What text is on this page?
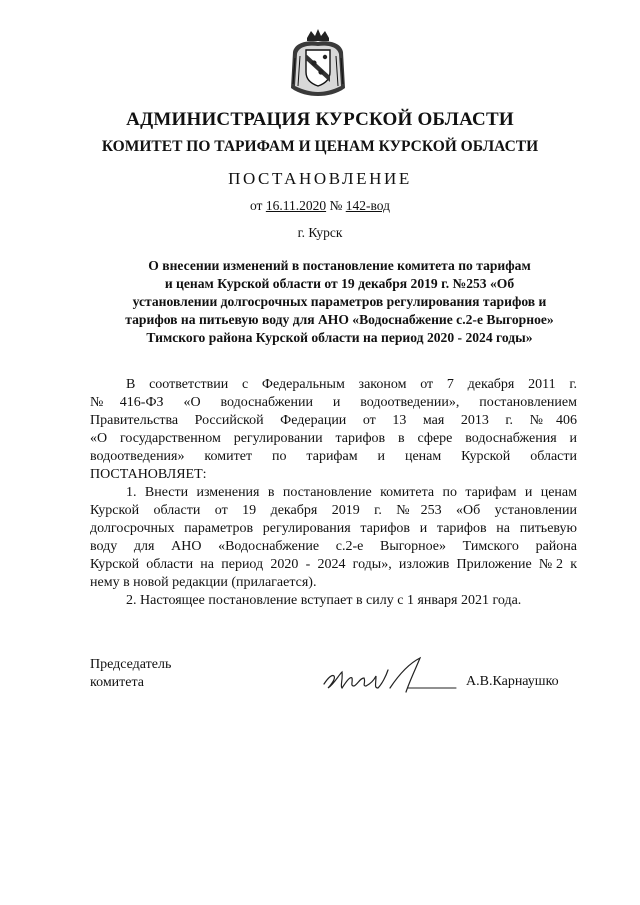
АДМИНИСТРАЦИЯ КУРСКОЙ ОБЛАСТИ
КОМИТЕТ ПО ТАРИФАМ И ЦЕНАМ КУРСКОЙ ОБЛАСТИ
ПОСТАНОВЛЕНИЕ
от 16.11.2020 № 142-вод
г. Курск
О внесении изменений в постановление комитета по тарифам
и ценам Курской области от 19 декабря 2019 г. №253 «Об
установлении долгосрочных параметров регулирования тарифов и
тарифов на питьевую воду для АНО «Водоснабжение с.2-е Выгорное»
Тимского района Курской области на период 2020 - 2024 годы»
В соответствии с Федеральным законом от 7 декабря 2011 г.
№416-ФЗ «О водоснабжении и водоотведении», постановлением
Правительства Российской Федерации от 13 мая 2013 г. №406
«О государственном регулировании тарифов в сфере водоснабжения и
водоотведения» комитет по тарифам и ценам Курской области
ПОСТАНОВЛЯЕТ:
1. Внести изменения в постановление комитета по тарифам и ценам
Курской области от 19 декабря 2019 г. №253 «Об установлении
долгосрочных параметров регулирования тарифов и тарифов на питьевую
воду для АНО «Водоснабжение с.2-е Выгорное» Тимского района
Курской области на период 2020 - 2024 годы», изложив Приложение №2 к
нему в новой редакции (прилагается).
2. Настоящее постановление вступает в силу с 1 января 2021 года.
Председатель
комитета	А.В.Карнаушко
